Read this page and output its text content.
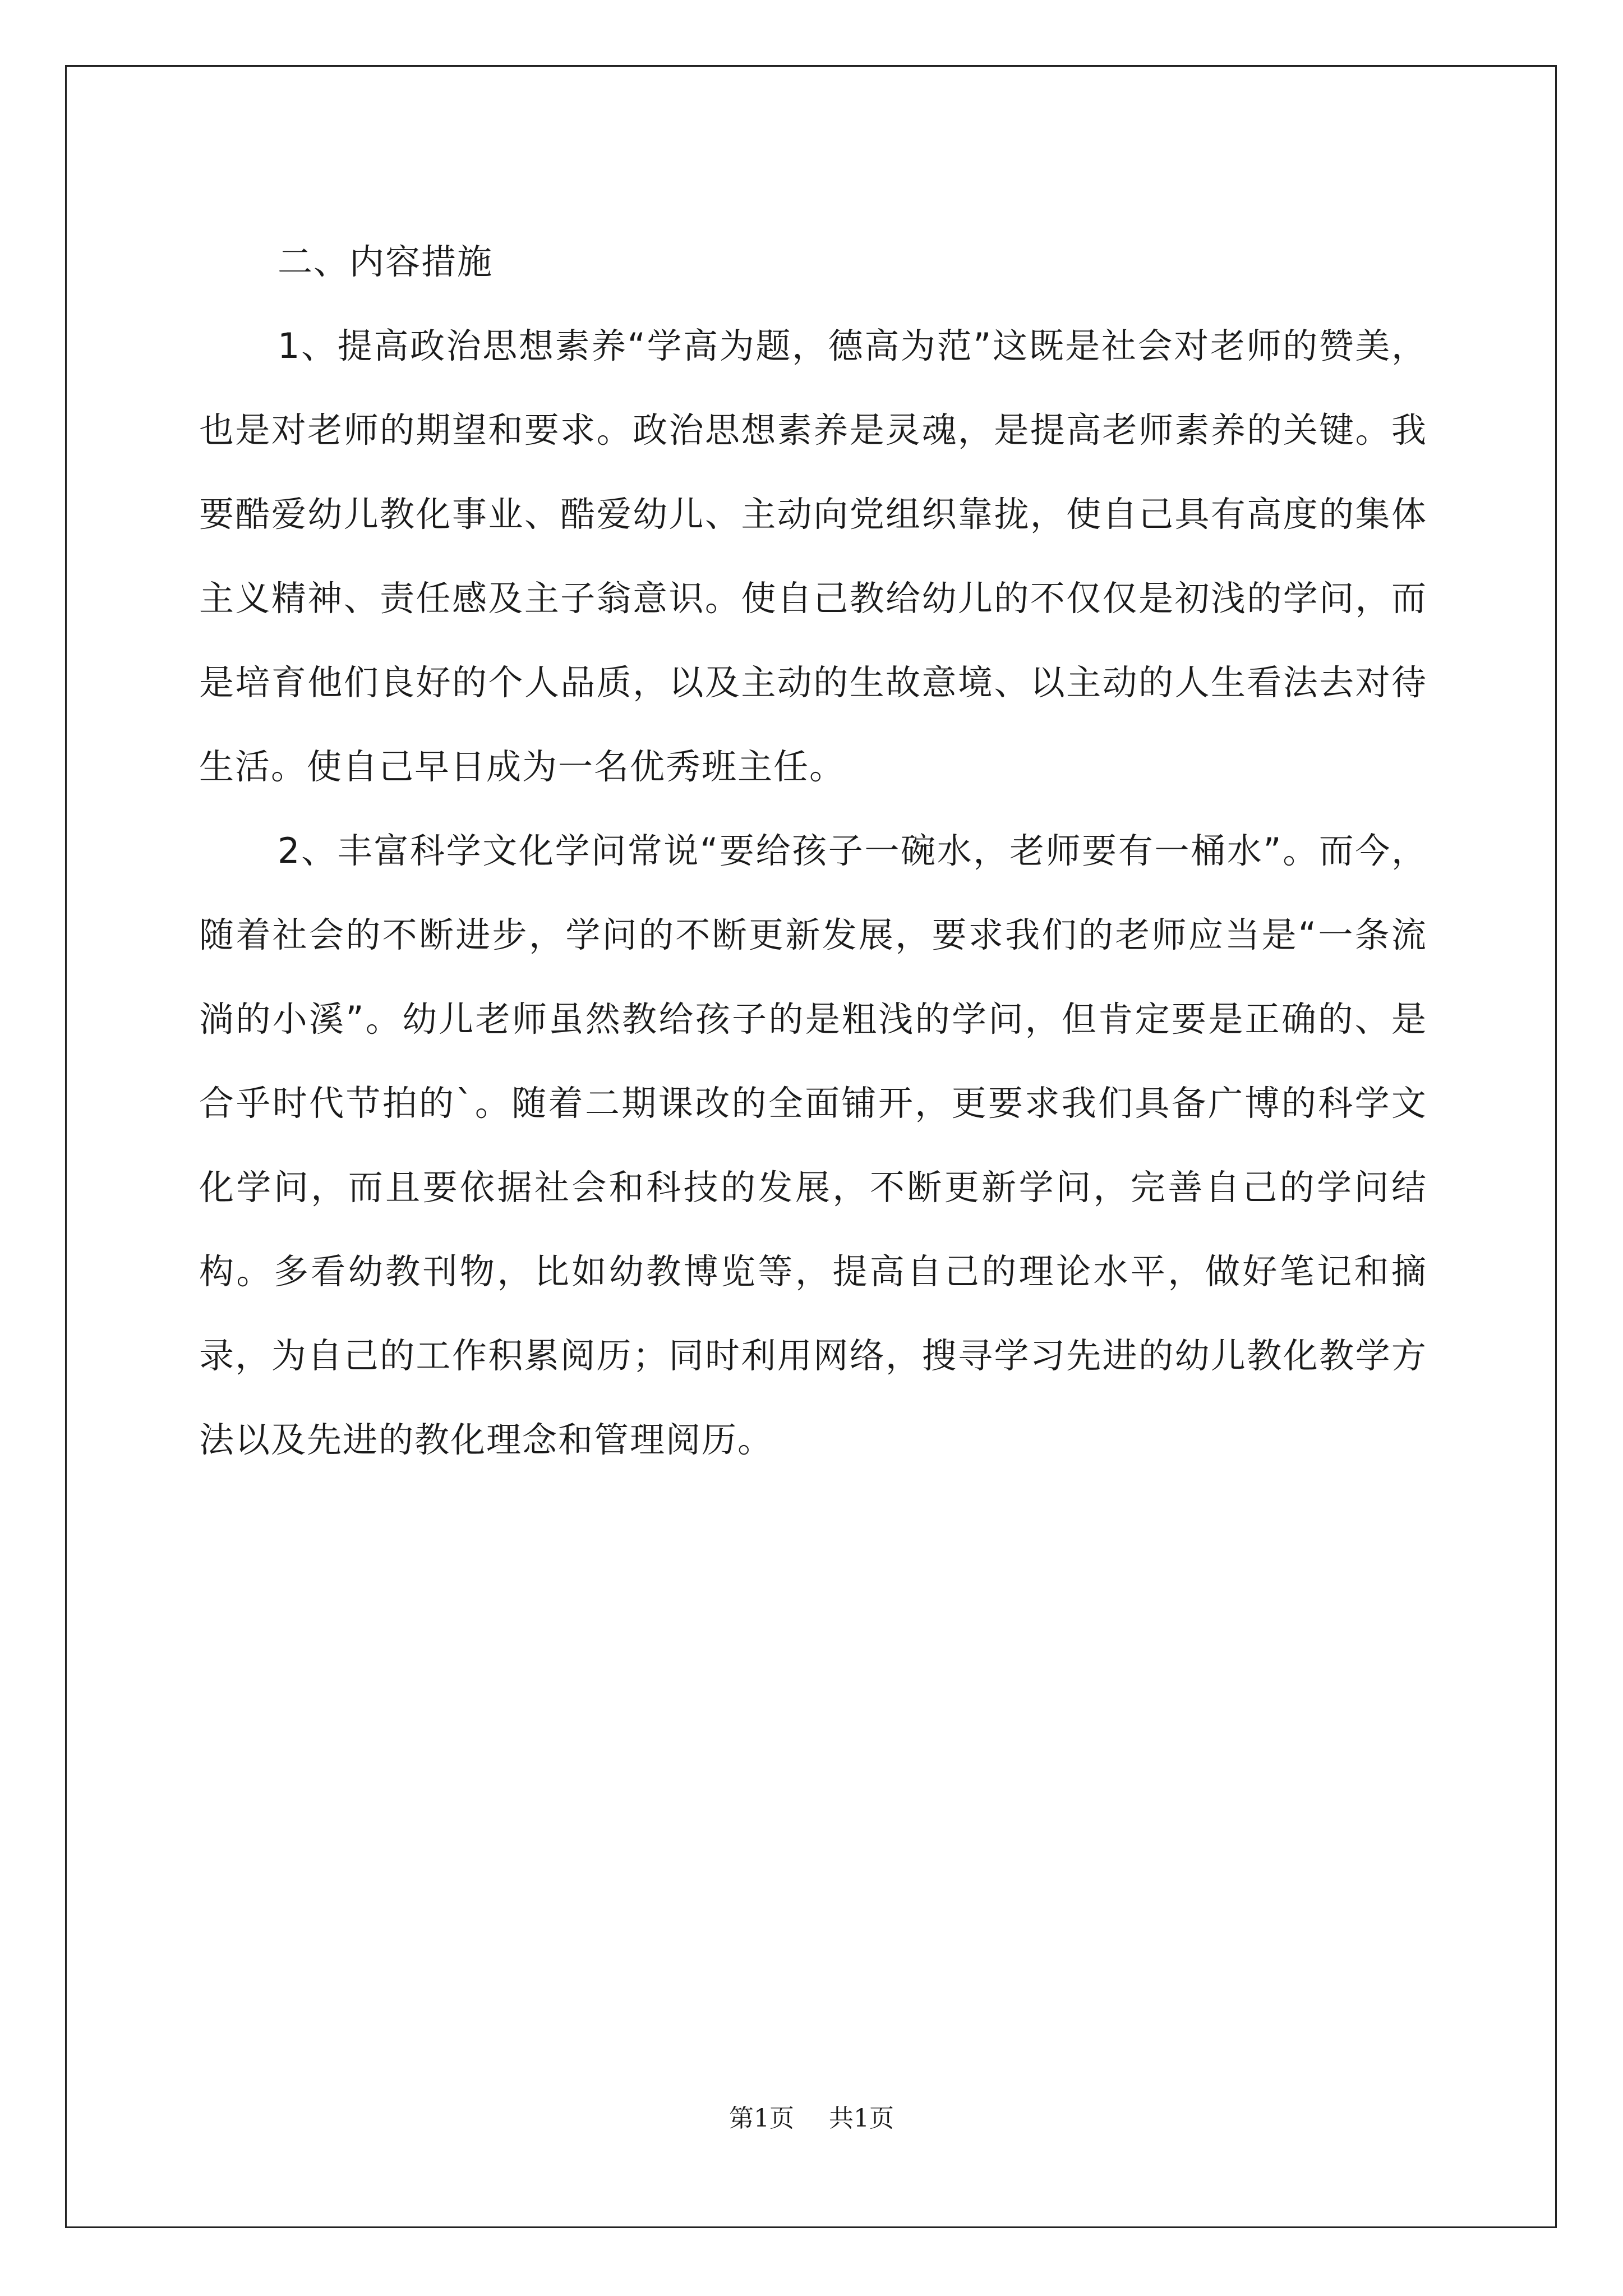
二、内容措施

1、提高政治思想素养“学高为题，德高为范”这既是社会对老师的赞美，也是对老师的期望和要求。政治思想素养是灵魂，是提高老师素养的关键。我要酷爱幼儿教化事业、酷爱幼儿、主动向党组织靠拢，使自己具有高度的集体主义精神、责任感及主子翁意识。使自己教给幼儿的不仅仅是初浅的学问，而是培育他们良好的个人品质，以及主动的生故意境、以主动的人生看法去对待生活。使自己早日成为一名优秀班主任。

2、丰富科学文化学问常说“要给孩子一碗水，老师要有一桶水”。而今，随着社会的不断进步，学问的不断更新发展，要求我们的老师应当是“一条流淌的小溪”。幼儿老师虽然教给孩子的是粗浅的学问，但肯定要是正确的、是合乎时代节拍的`。随着二期课改的全面铺开，更要求我们具备广博的科学文化学问，而且要依据社会和科技的发展，不断更新学问，完善自己的学问结构。多看幼教刊物，比如幼教博览等，提高自己的理论水平，做好笔记和摘录，为自己的工作积累阅历；同时利用网络，搜寻学习先进的幼儿教化教学方法以及先进的教化理念和管理阅历。

第1页 共1页
